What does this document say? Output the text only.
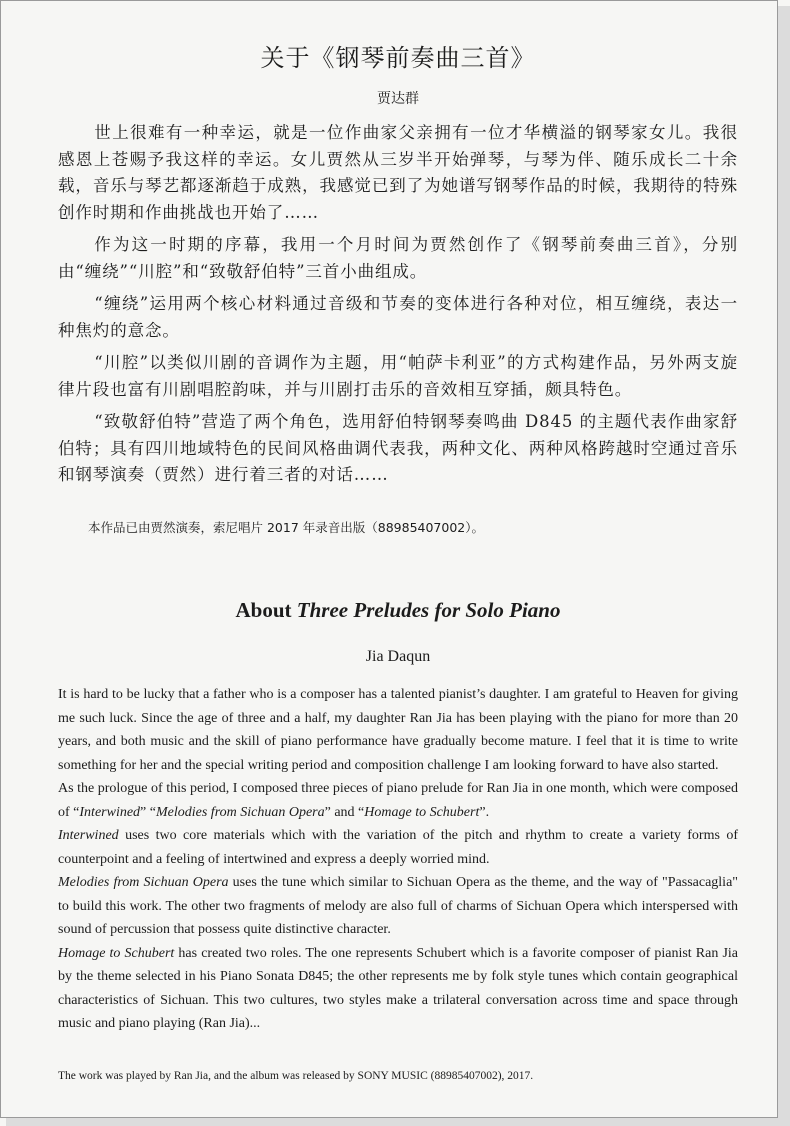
关于《钢琴前奏曲三首》
贾达群

世上很难有一种幸运，就是一位作曲家父亲拥有一位才华横溢的钢琴家女儿。我很感恩上苍赐予我这样的幸运。女儿贾然从三岁半开始弹琴，与琴为伴、随乐成长二十余载，音乐与琴艺都逐渐趋于成熟，我感觉已到了为她谱写钢琴作品的时候，我期待的特殊创作时期和作曲挑战也开始了……

作为这一时期的序幕，我用一个月时间为贾然创作了《钢琴前奏曲三首》，分别由“缠绕”“川腔”和“致敬舒伯特”三首小曲组成。

“缠绕”运用两个核心材料通过音级和节奏的变体进行各种对位，相互缠绕，表达一种焦灼的意念。

“川腔”以类似川剧的音调作为主题，用“帕萨卡利亚”的方式构建作品，另外两支旋律片段也富有川剧唱腔韵味，并与川剧打击乐的音效相互穿插，颇具特色。

“致敬舒伯特”营造了两个角色，选用舒伯特钢琴奏鸣曲 D845 的主题代表作曲家舒伯特；具有四川地域特色的民间风格曲调代表我，两种文化、两种风格跨越时空通过音乐和钢琴演奏（贾然）进行着三者的对话……

本作品已由贾然演奏，索尼唱片 2017 年录音出版（88985407002）。
About Three Preludes for Solo Piano
Jia Daqun

It is hard to be lucky that a father who is a composer has a talented pianist’s daughter. I am grateful to Heaven for giving me such luck. Since the age of three and a half, my daughter Ran Jia has been playing with the piano for more than 20 years, and both music and the skill of piano performance have gradually become mature. I feel that it is time to write something for her and the special writing period and composition challenge I am looking forward to have also started.

As the prologue of this period, I composed three pieces of piano prelude for Ran Jia in one month, which were composed of “Interwined” “Melodies from Sichuan Opera” and “Homage to Schubert”.

Interwined uses two core materials which with the variation of the pitch and rhythm to create a variety forms of counterpoint and a feeling of intertwined and express a deeply worried mind.

Melodies from Sichuan Opera uses the tune which similar to Sichuan Opera as the theme, and the way of "Passacaglia" to build this work. The other two fragments of melody are also full of charms of Sichuan Opera which interspersed with sound of percussion that possess quite distinctive character.

Homage to Schubert has created two roles. The one represents Schubert which is a favorite composer of pianist Ran Jia by the theme selected in his Piano Sonata D845; the other represents me by folk style tunes which contain geographical characteristics of Sichuan. This two cultures, two styles make a trilateral conversation across time and space through music and piano playing (Ran Jia)...

The work was played by Ran Jia, and the album was released by SONY MUSIC (88985407002), 2017.
